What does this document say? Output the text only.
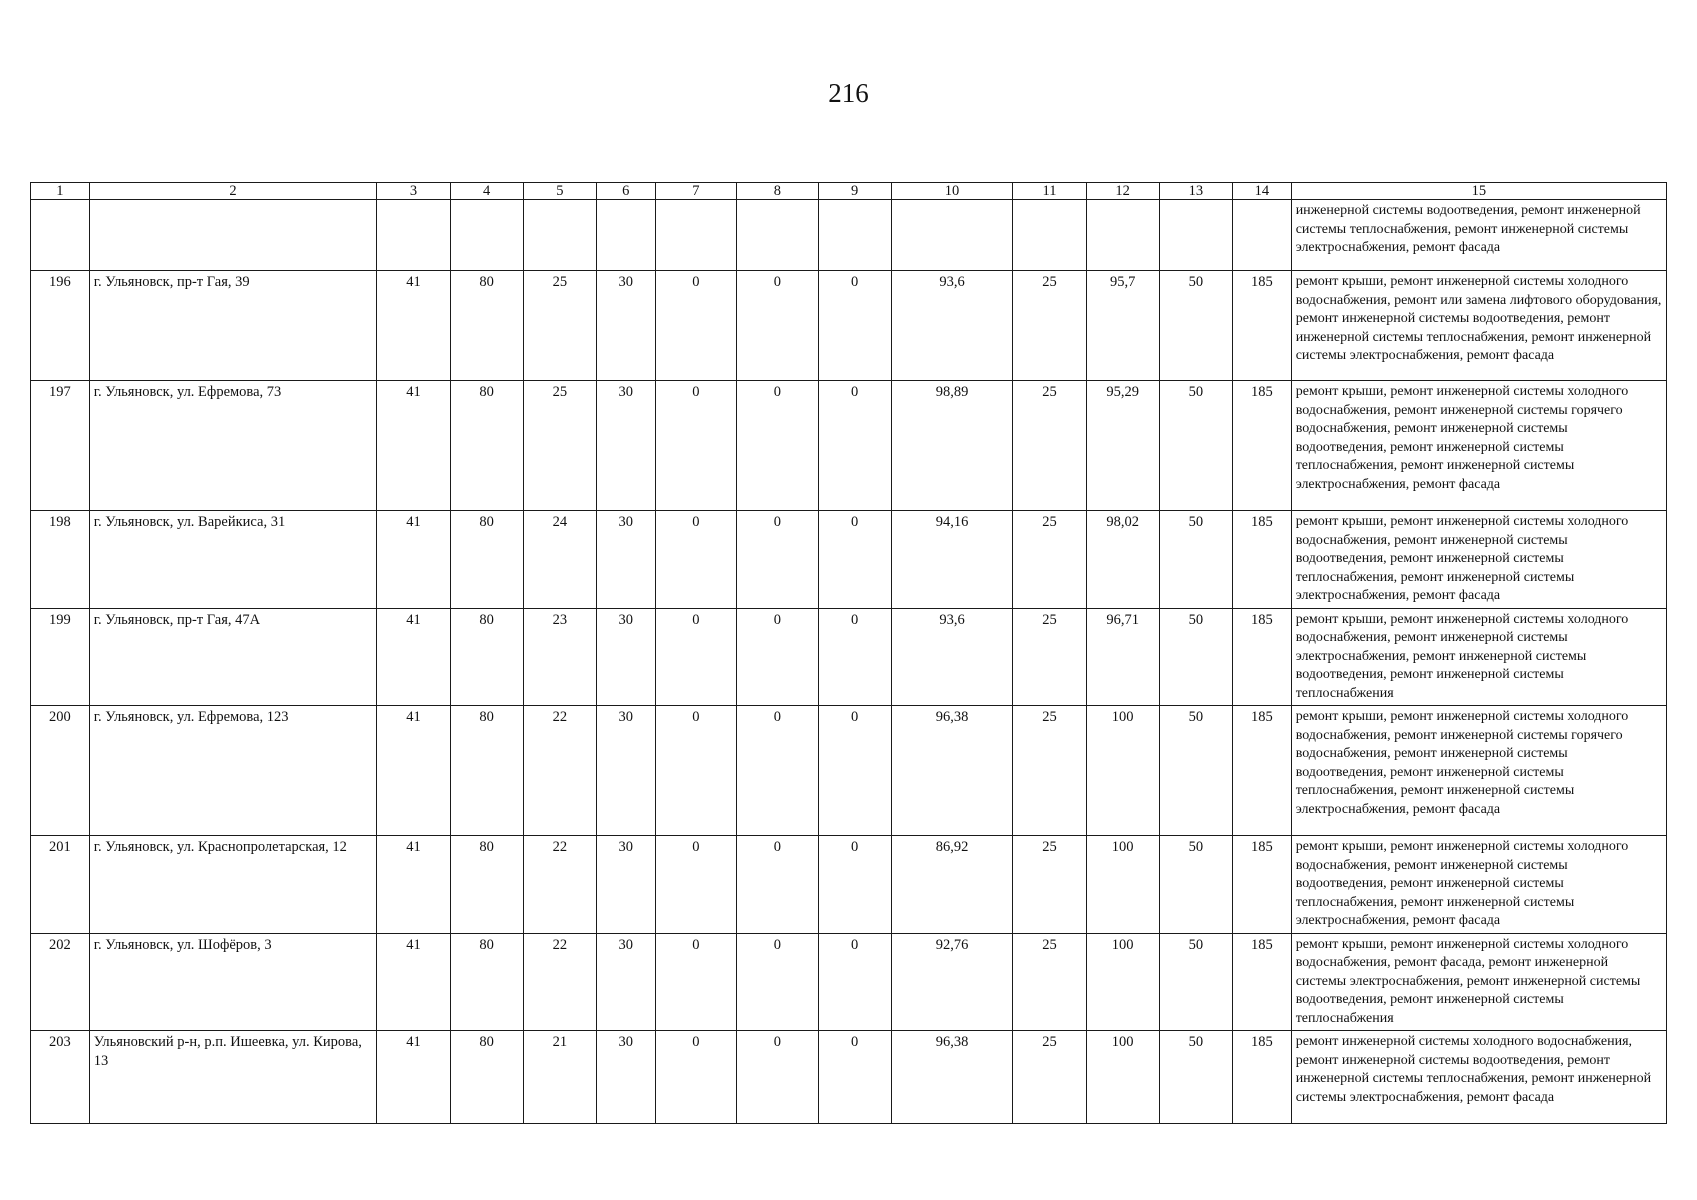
216
1	2	3	4	5	6	7	8	9	10	11	12	13	14	15
														инженерной системы водоотведения, ремонт инженерной системы теплоснабжения, ремонт инженерной системы электроснабжения, ремонт фасада
196	г. Ульяновск, пр-т Гая, 39	41	80	25	30	0	0	0	93,6	25	95,7	50	185	ремонт крыши, ремонт инженерной системы холодного водоснабжения, ремонт или замена лифтового оборудования, ремонт инженерной системы водоотведения, ремонт инженерной системы теплоснабжения, ремонт инженерной системы электроснабжения, ремонт фасада
197	г. Ульяновск, ул. Ефремова, 73	41	80	25	30	0	0	0	98,89	25	95,29	50	185	ремонт крыши, ремонт инженерной системы холодного водоснабжения, ремонт инженерной системы горячего водоснабжения, ремонт инженерной системы водоотведения, ремонт инженерной системы теплоснабжения, ремонт инженерной системы электроснабжения, ремонт фасада
198	г. Ульяновск, ул. Варейкиса, 31	41	80	24	30	0	0	0	94,16	25	98,02	50	185	ремонт крыши, ремонт инженерной системы холодного водоснабжения, ремонт инженерной системы водоотведения, ремонт инженерной системы теплоснабжения, ремонт инженерной системы электроснабжения, ремонт фасада
199	г. Ульяновск, пр-т Гая, 47А	41	80	23	30	0	0	0	93,6	25	96,71	50	185	ремонт крыши, ремонт инженерной системы холодного водоснабжения, ремонт инженерной системы электроснабжения, ремонт инженерной системы водоотведения, ремонт инженерной системы теплоснабжения
200	г. Ульяновск, ул. Ефремова, 123	41	80	22	30	0	0	0	96,38	25	100	50	185	ремонт крыши, ремонт инженерной системы холодного водоснабжения, ремонт инженерной системы горячего водоснабжения, ремонт инженерной системы водоотведения, ремонт инженерной системы теплоснабжения, ремонт инженерной системы электроснабжения, ремонт фасада
201	г. Ульяновск, ул. Краснопролетарская, 12	41	80	22	30	0	0	0	86,92	25	100	50	185	ремонт крыши, ремонт инженерной системы холодного водоснабжения, ремонт инженерной системы водоотведения, ремонт инженерной системы теплоснабжения, ремонт инженерной системы электроснабжения, ремонт фасада
202	г. Ульяновск, ул. Шофёров, 3	41	80	22	30	0	0	0	92,76	25	100	50	185	ремонт крыши, ремонт инженерной системы холодного водоснабжения, ремонт фасада, ремонт инженерной системы электроснабжения, ремонт инженерной системы водоотведения, ремонт инженерной системы теплоснабжения
203	Ульяновский р-н, р.п. Ишеевка, ул. Кирова, 13	41	80	21	30	0	0	0	96,38	25	100	50	185	ремонт инженерной системы холодного водоснабжения, ремонт инженерной системы водоотведения, ремонт инженерной системы теплоснабжения, ремонт инженерной системы электроснабжения, ремонт фасада
